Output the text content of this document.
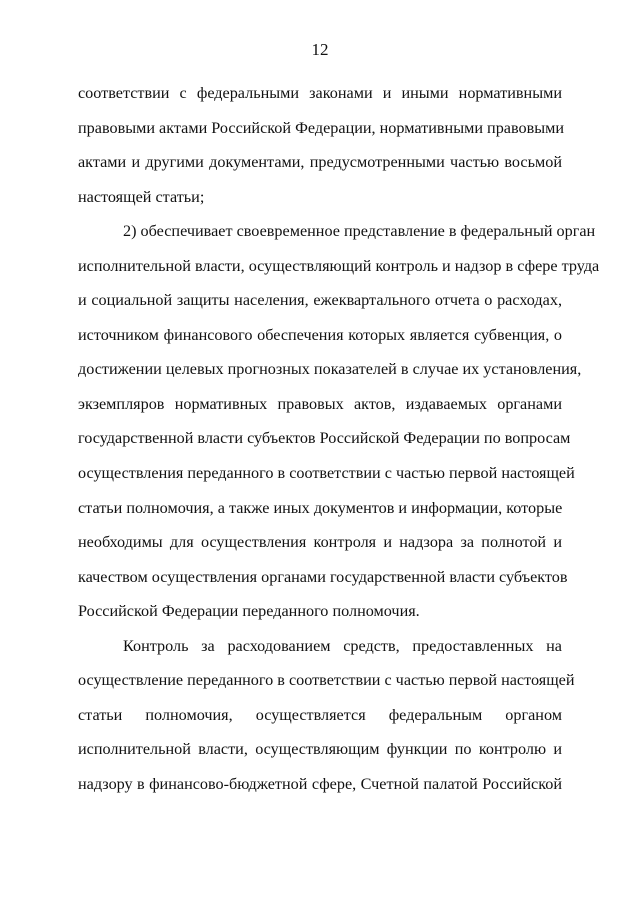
12

соответствии с федеральными законами и иными нормативными
правовыми актами Российской Федерации, нормативными правовыми
актами и другими документами, предусмотренными частью восьмой
настоящей статьи;

2) обеспечивает своевременное представление в федеральный орган
исполнительной власти, осуществляющий контроль и надзор в сфере труда
и социальной защиты населения, ежеквартального отчета о расходах,
источником финансового обеспечения которых является субвенция, о
достижении целевых прогнозных показателей в случае их установления,
экземпляров нормативных правовых актов, издаваемых органами
государственной власти субъектов Российской Федерации по вопросам
осуществления переданного в соответствии с частью первой настоящей
статьи полномочия, а также иных документов и информации, которые
необходимы для осуществления контроля и надзора за полнотой и
качеством осуществления органами государственной власти субъектов
Российской Федерации переданного полномочия.

Контроль за расходованием средств, предоставленных на
осуществление переданного в соответствии с частью первой настоящей
статьи полномочия, осуществляется федеральным органом
исполнительной власти, осуществляющим функции по контролю и
надзору в финансово-бюджетной сфере, Счетной палатой Российской
